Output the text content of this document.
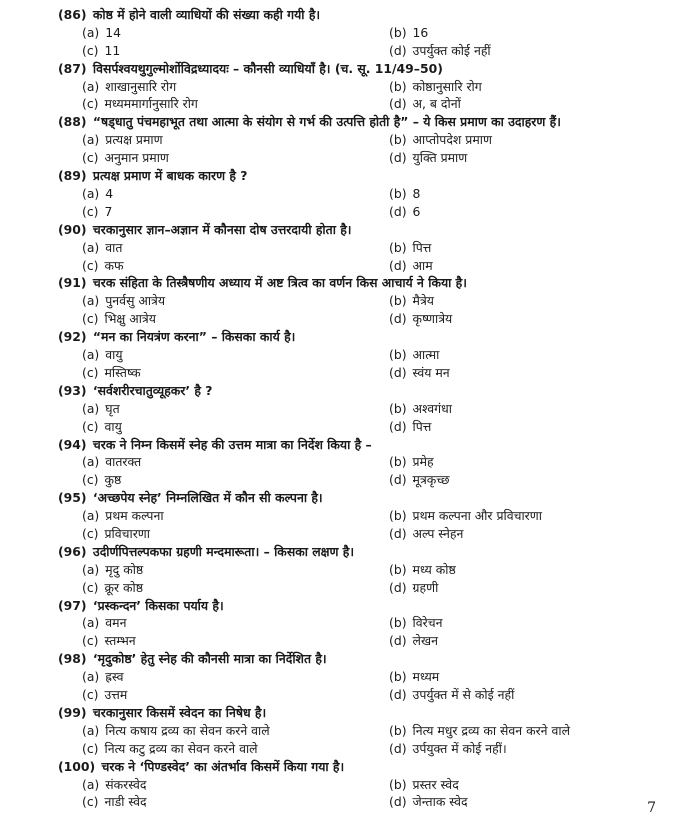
(86) कोष्ठ में होने वाली व्याधियों की संख्या कही गयी है।
(a) 14	(b) 16
(c) 11	(d) उपर्युक्त कोई नहीं
(87) विसर्पश्वयथुगुल्मोर्शोविद्रध्यादयः – कौनसी व्याधियाँ है। (च. सू. 11/49–50)
(a) शाखानुसारि रोग	(b) कोष्ठानुसारि रोग
(c) मध्यममार्गानुसारि रोग	(d) अ, ब दोनों
(88) “षड्धातु पंचमहाभूत तथा आत्मा के संयोग से गर्भ की उत्पत्ति होती है” – ये किस प्रमाण का उदाहरण हैं।
(a) प्रत्यक्ष प्रमाण	(b) आप्तोपदेश प्रमाण
(c) अनुमान प्रमाण	(d) युक्ति प्रमाण
(89) प्रत्यक्ष प्रमाण में बाधक कारण है ?
(a) 4	(b) 8
(c) 7	(d) 6
(90) चरकानुसार ज्ञान–अज्ञान में कौनसा दोष उत्तरदायी होता है।
(a) वात	(b) पित्त
(c) कफ	(d) आम
(91) चरक संहिता के तिस्त्रैषणीय अध्याय में अष्ट त्रित्व का वर्णन किस आचार्य ने किया है।
(a) पुनर्वसु आत्रेय	(b) मैत्रेय
(c) भिक्षु आत्रेय	(d) कृष्णात्रेय
(92) “मन का नियत्रंण करना” – किसका कार्य है।
(a) वायु	(b) आत्मा
(c) मस्तिष्क	(d) स्वंय मन
(93) ‘सर्वशरीरचातुव्यूहकर’ है ?
(a) घृत	(b) अश्वगंधा
(c) वायु	(d) पित्त
(94) चरक ने निम्न किसमें स्नेह की उत्तम मात्रा का निर्देश किया है –
(a) वातरक्त	(b) प्रमेह
(c) कुष्ठ	(d) मूत्रकृच्छ
(95) ‘अच्छपेय स्नेह’ निम्नलिखित में कौन सी कल्पना है।
(a) प्रथम कल्पना	(b) प्रथम कल्पना और प्रविचारणा
(c) प्रविचारणा	(d) अल्प स्नेहन
(96) उदीर्णपित्तल्पकफा ग्रहणी मन्दमारूता। – किसका लक्षण है।
(a) मृदु कोष्ठ	(b) मध्य कोष्ठ
(c) क्रूर कोष्ठ	(d) ग्रहणी
(97) ‘प्रस्कन्दन’ किसका पर्याय है।
(a) वमन	(b) विरेचन
(c) स्तम्भन	(d) लेखन
(98) ‘मृदुकोष्ठ’ हेतु स्नेह की कौनसी मात्रा का निर्देशित है।
(a) ह्रस्व	(b) मध्यम
(c) उत्तम	(d) उपर्युक्त में से कोई नहीं
(99) चरकानुसार किसमें स्वेदन का निषेध है।
(a) नित्य कषाय द्रव्य का सेवन करने वाले	(b) नित्य मधुर द्रव्य का सेवन करने वाले
(c) नित्य कटु द्रव्य का सेवन करने वाले	(d) उर्पयुक्त में कोई नहीं।
(100) चरक ने ‘पिण्डस्वेद’ का अंतर्भाव किसमें किया गया है।
(a) संकरस्वेद	(b) प्रस्तर स्वेद
(c) नाडी स्वेद	(d) जेन्ताक स्वेद	7
